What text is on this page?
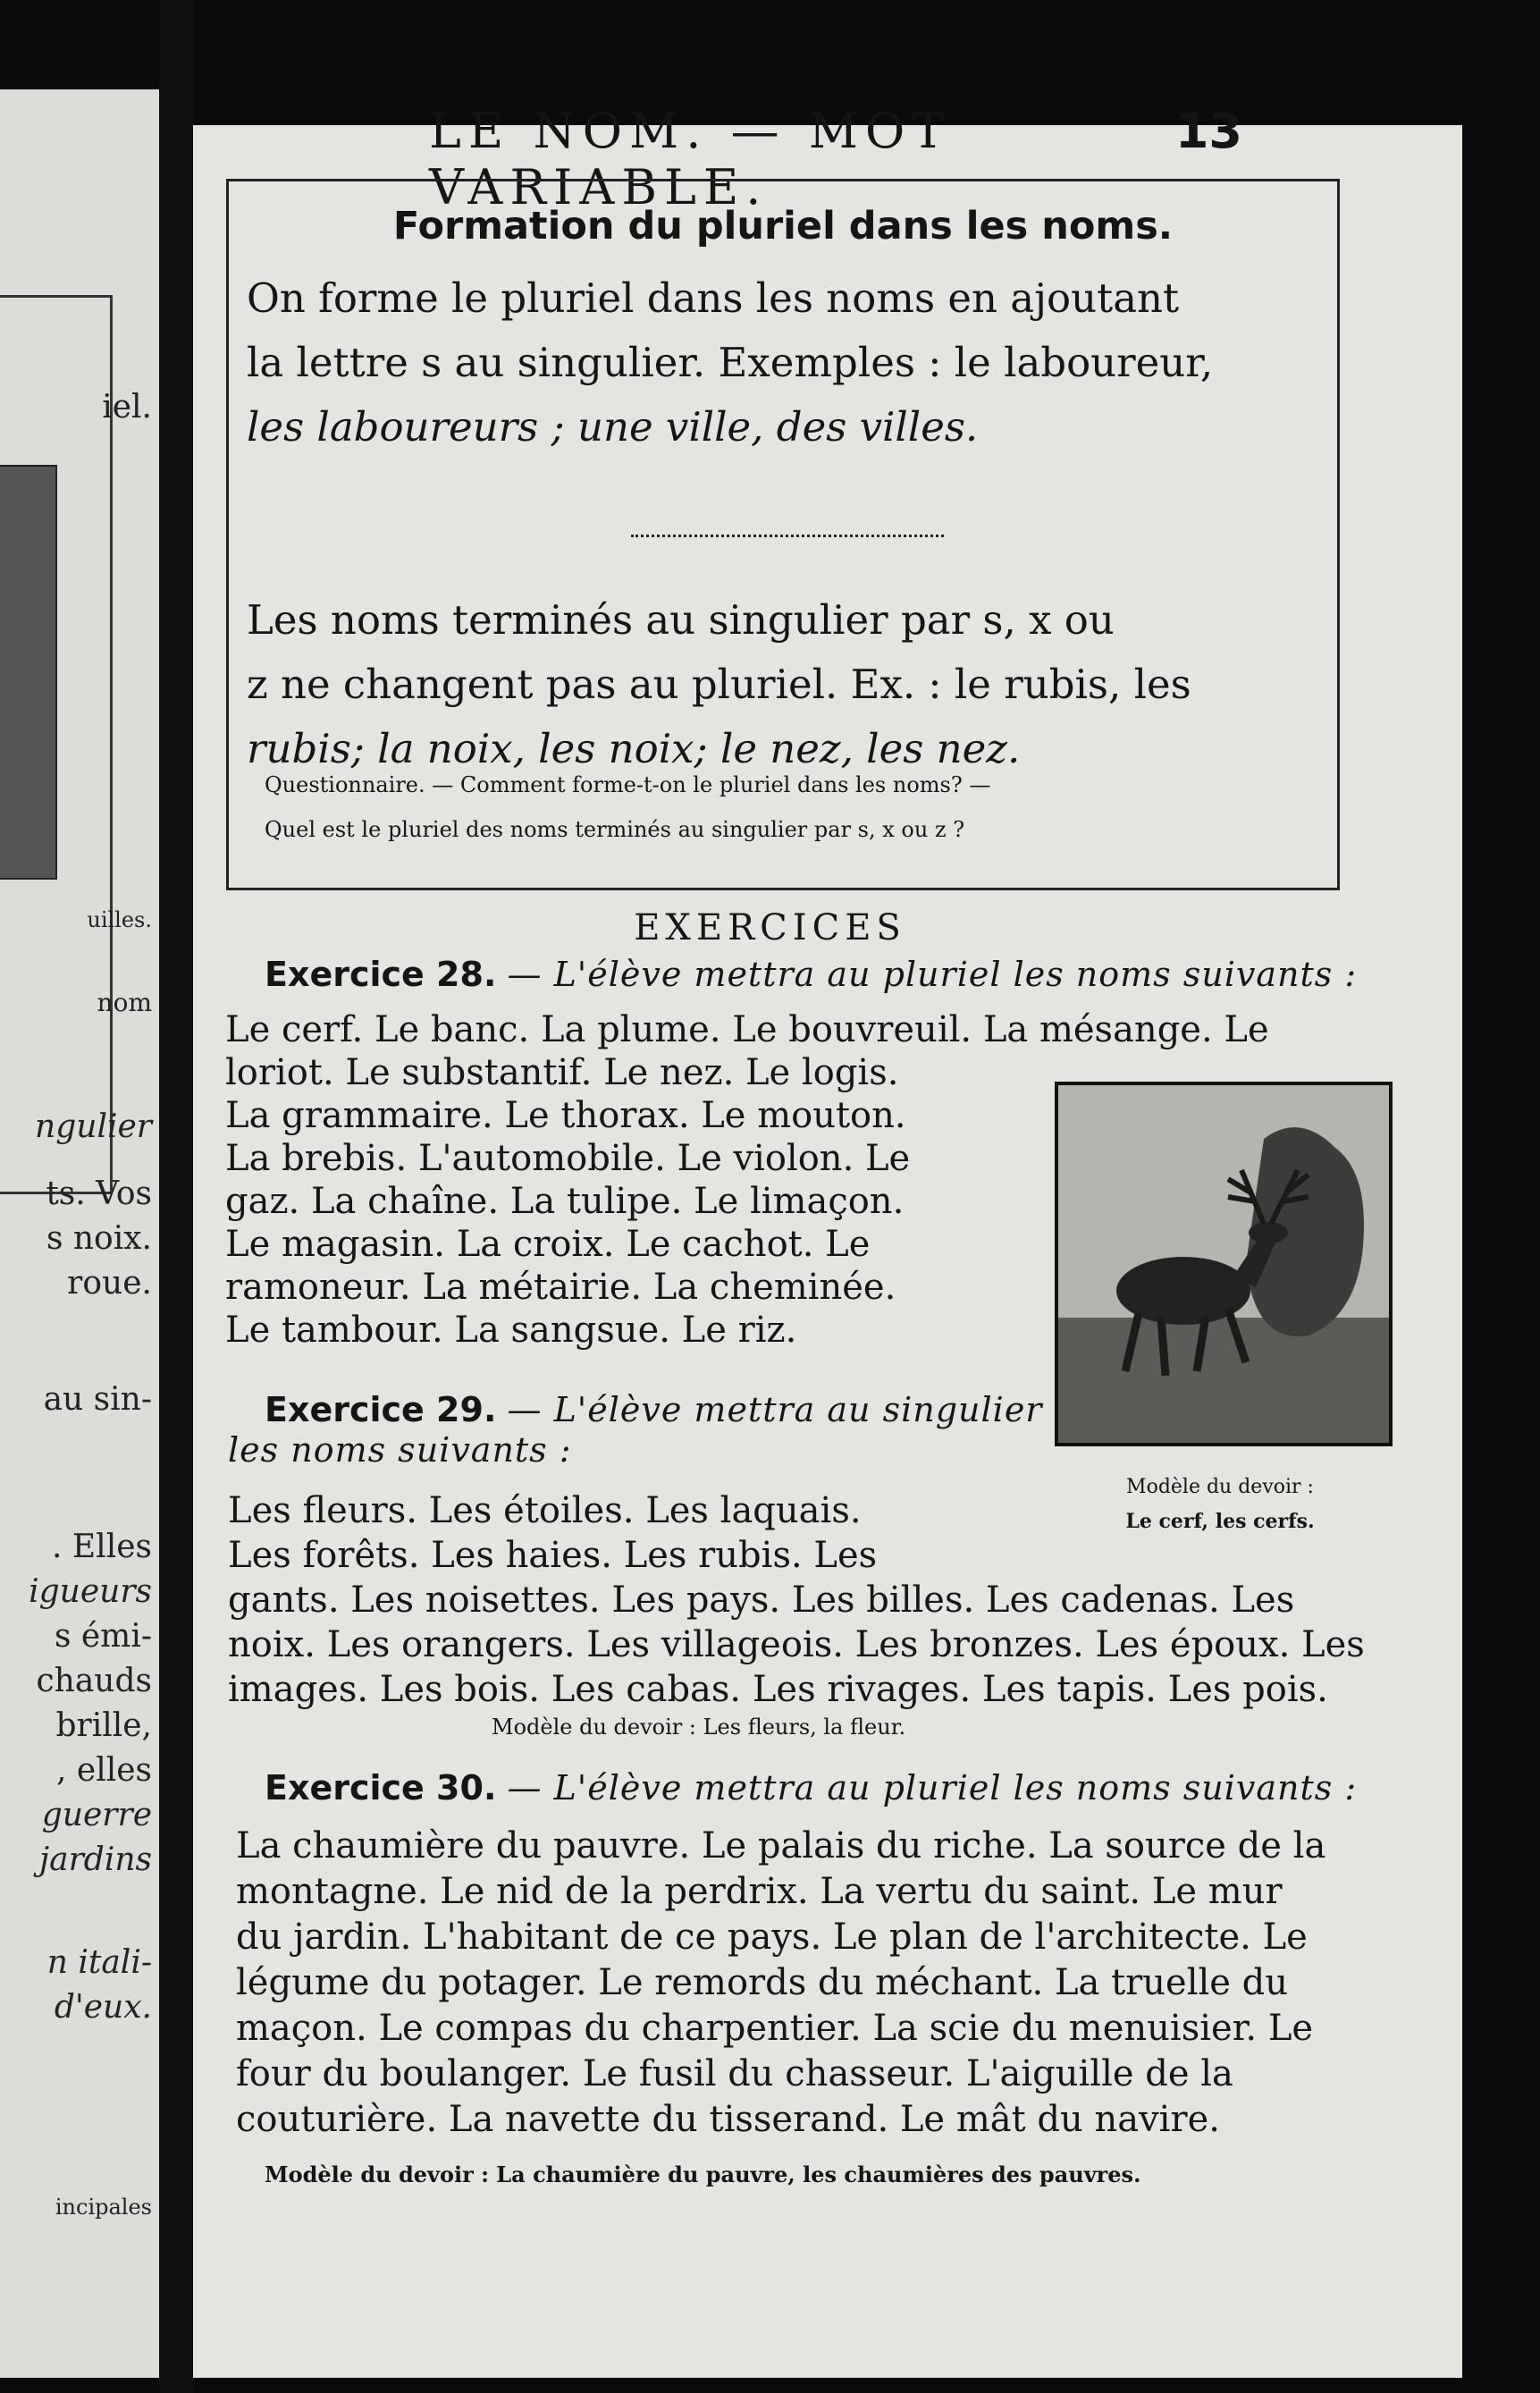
iel.
uilles.
nom
ngulier
ts. Vos
s noix.
roue.
au sin-
. Elles
igueurs
s émi-
chauds
brille,
, elles
guerre
jardins
n itali-
d'eux.
incipales
LE NOM. — MOT VARIABLE.
13
Formation du pluriel dans les noms.
On forme le pluriel dans les noms en ajoutant
la lettre s au singulier. Exemples : le laboureur,
les laboureurs ; une ville, des villes.
Les noms terminés au singulier par s, x ou
z ne changent pas au pluriel. Ex. : le rubis, les
rubis; la noix, les noix; le nez, les nez.
Questionnaire. — Comment forme-t-on le pluriel dans les noms? —
Quel est le pluriel des noms terminés au singulier par s, x ou z ?
EXERCICES
Exercice 28. — L'élève mettra au pluriel les noms suivants :
Le cerf. Le banc. La plume. Le bouvreuil. La mésange. Le
loriot. Le substantif. Le nez. Le logis.
La grammaire. Le thorax. Le mouton.
La brebis. L'automobile. Le violon. Le
gaz. La chaîne. La tulipe. Le limaçon.
Le magasin. La croix. Le cachot. Le
ramoneur. La métairie. La cheminée.
Le tambour. La sangsue. Le riz.
Modèle du devoir :
Le cerf, les cerfs.
Exercice 29. — L'élève mettra au singulier
les noms suivants :
Les fleurs. Les étoiles. Les laquais.
Les forêts. Les haies. Les rubis. Les
gants. Les noisettes. Les pays. Les billes. Les cadenas. Les
noix. Les orangers. Les villageois. Les bronzes. Les époux. Les
images. Les bois. Les cabas. Les rivages. Les tapis. Les pois.
Modèle du devoir : Les fleurs, la fleur.
Exercice 30. — L'élève mettra au pluriel les noms suivants :
La chaumière du pauvre. Le palais du riche. La source de la
montagne. Le nid de la perdrix. La vertu du saint. Le mur
du jardin. L'habitant de ce pays. Le plan de l'architecte. Le
légume du potager. Le remords du méchant. La truelle du
maçon. Le compas du charpentier. La scie du menuisier. Le
four du boulanger. Le fusil du chasseur. L'aiguille de la
couturière. La navette du tisserand. Le mât du navire.
Modèle du devoir : La chaumière du pauvre, les chaumières des pauvres.
